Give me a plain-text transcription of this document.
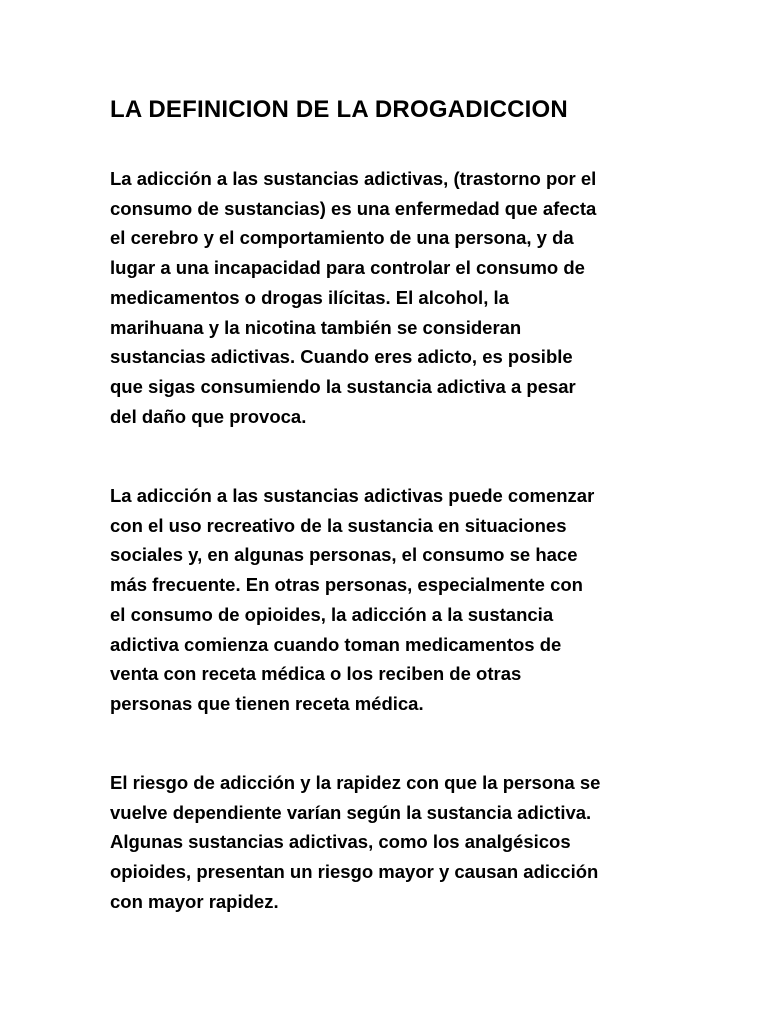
LA DEFINICION DE LA DROGADICCION
La adicción a las sustancias adictivas, (trastorno por el
consumo de sustancias) es una enfermedad que afecta
el cerebro y el comportamiento de una persona, y da
lugar a una incapacidad para controlar el consumo de
medicamentos o drogas ilícitas. El alcohol, la
marihuana y la nicotina también se consideran
sustancias adictivas. Cuando eres adicto, es posible
que sigas consumiendo la sustancia adictiva a pesar
del daño que provoca.
La adicción a las sustancias adictivas puede comenzar
con el uso recreativo de la sustancia en situaciones
sociales y, en algunas personas, el consumo se hace
más frecuente. En otras personas, especialmente con
el consumo de opioides, la adicción a la sustancia
adictiva comienza cuando toman medicamentos de
venta con receta médica o los reciben de otras
personas que tienen receta médica.
El riesgo de adicción y la rapidez con que la persona se
vuelve dependiente varían según la sustancia adictiva.
Algunas sustancias adictivas, como los analgésicos
opioides, presentan un riesgo mayor y causan adicción
con mayor rapidez.
